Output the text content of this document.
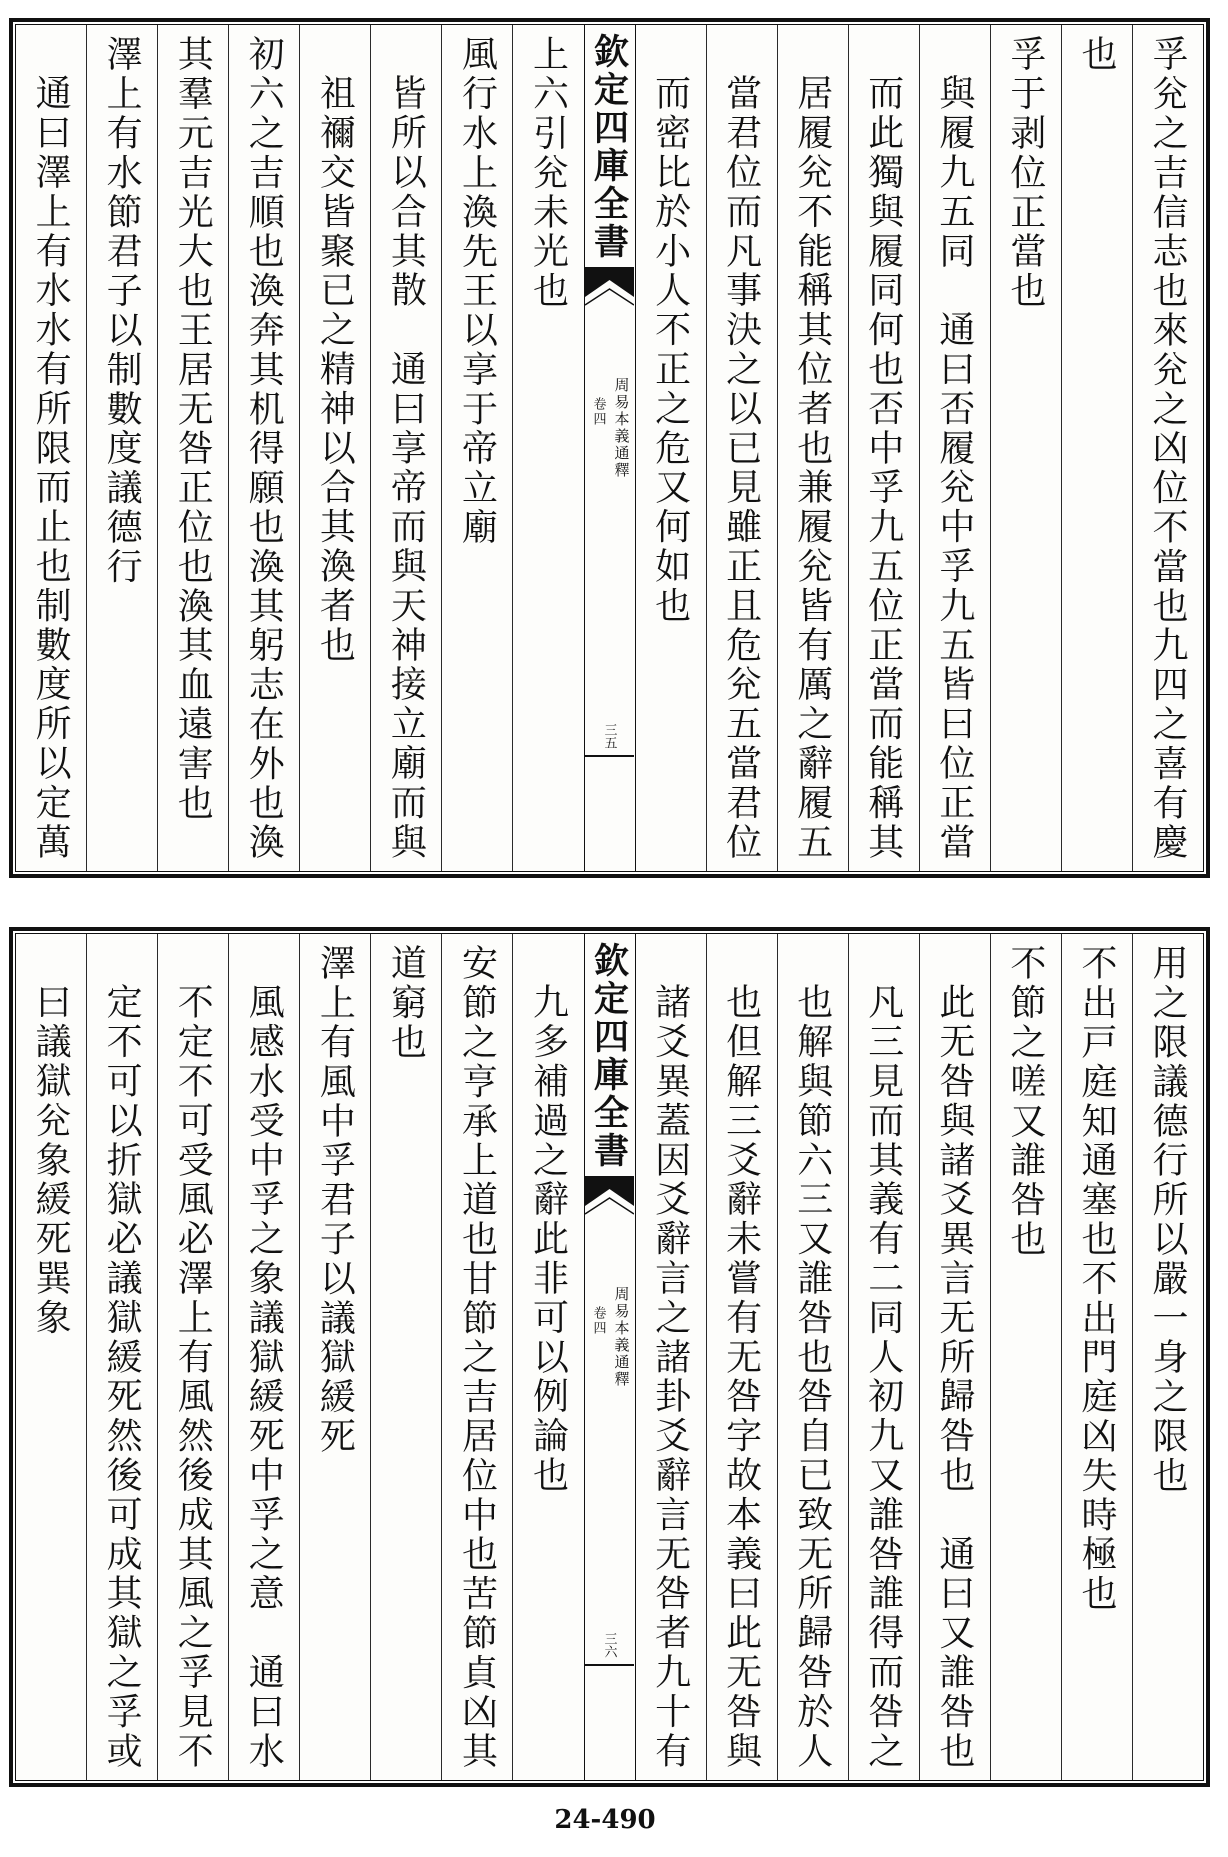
孚兊之吉信志也來兊之凶位不當也九四之喜有慶
也
孚于剥位正當也
與履九五同　通曰否履兊中孚九五皆曰位正當
而此獨與履同何也否中孚九五位正當而能稱其
居履兊不能稱其位者也兼履兊皆有厲之辭履五
當君位而凡事決之以已見雖正且危兊五當君位
而密比於小人不正之危又何如也
欽定四庫全書
周易本義通釋
卷四
三五
上六引兊未光也
風行水上渙先王以享于帝立廟
皆所以合其散　通曰享帝而與天神接立廟而與
祖禰交皆聚已之精神以合其渙者也
初六之吉順也渙奔其机得願也渙其躬志在外也渙
其羣元吉光大也王居无咎正位也渙其血遠害也
澤上有水節君子以制數度議德行
通曰澤上有水水有所限而止也制數度所以定萬
用之限議德行所以嚴一身之限也
不出戸庭知通塞也不出門庭凶失時極也
不節之嗟又誰咎也
此无咎與諸爻異言无所歸咎也　通曰又誰咎也
凡三見而其義有二同人初九又誰咎誰得而咎之
也解與節六三又誰咎也咎自已致无所歸咎於人
也但解三爻辭未嘗有无咎字故本義曰此无咎與
諸爻異蓋因爻辭言之諸卦爻辭言无咎者九十有
欽定四庫全書
周易本義通釋
卷四
三六
九多補過之辭此非可以例論也
安節之亨承上道也甘節之吉居位中也苦節貞凶其
道窮也
澤上有風中孚君子以議獄緩死
風感水受中孚之象議獄緩死中孚之意　通曰水
不定不可受風必澤上有風然後成其風之孚見不
定不可以折獄必議獄緩死然後可成其獄之孚或
曰議獄兊象緩死巽象
24-490
